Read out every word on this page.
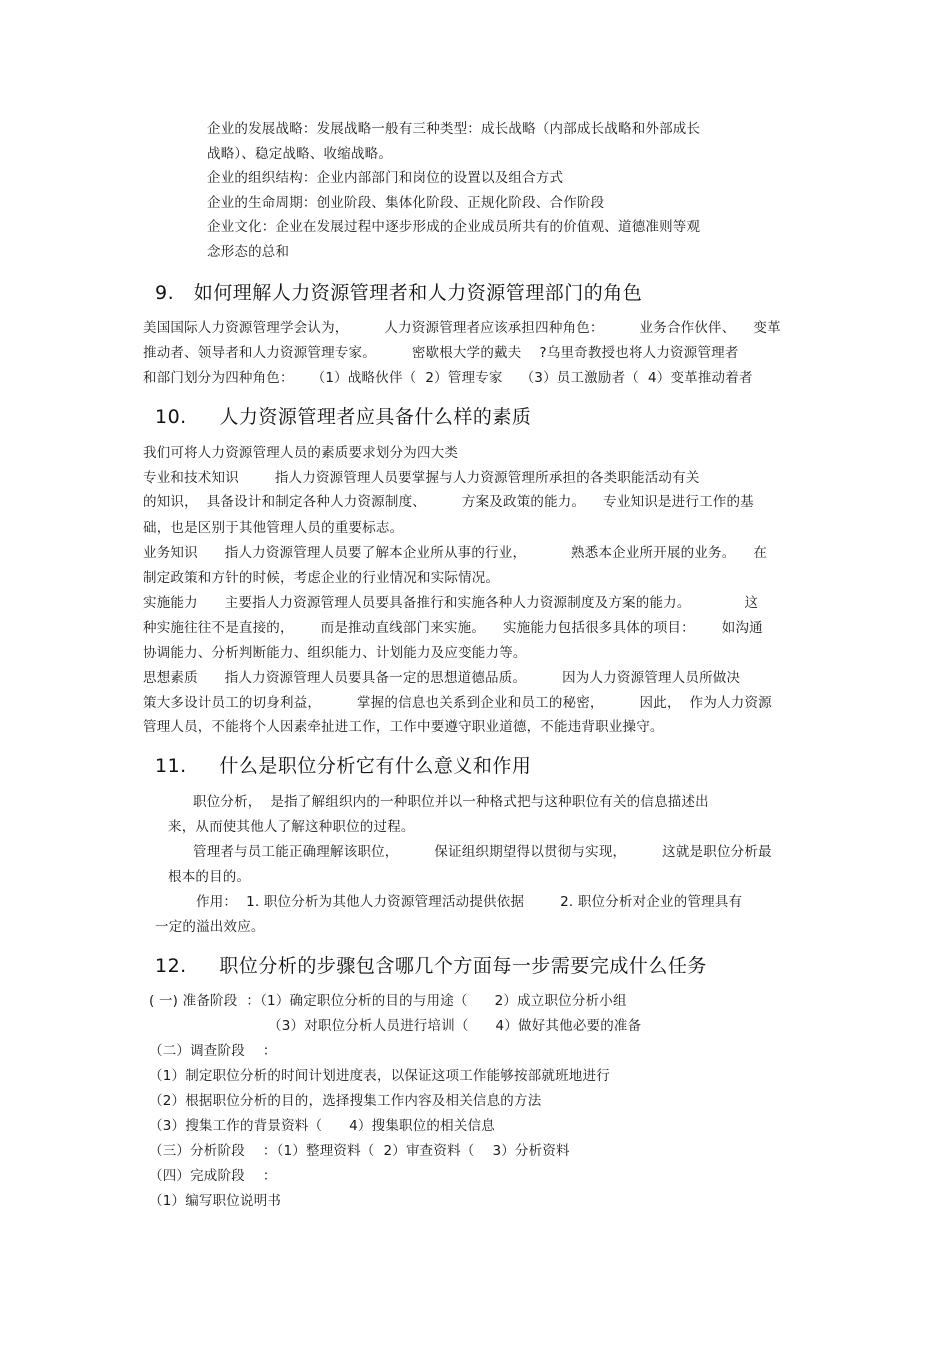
企业的发展战略：发展战略一般有三种类型：成长战略（内部成长战略和外部成长
战略）、稳定战略、收缩战略。
企业的组织结构：企业内部部门和岗位的设置以及组合方式
企业的生命周期：创业阶段、集体化阶段、正规化阶段、合作阶段
企业文化：企业在发展过程中逐步形成的企业成员所共有的价值观、道德准则等观
念形态的总和
9.   如何理解人力资源管理者和人力资源管理部门的角色
美国国际人力资源管理学会认为，        人力资源管理者应该承担四种角色：        业务合作伙伴、    变革
推动者、领导者和人力资源管理专家。        密歇根大学的戴夫    ?乌里奇教授也将人力资源管理者
和部门划分为四种角色：    （1）战略伙伴（  2）管理专家    （3）员工激励者（  4）变革推动着者
10.     人力资源管理者应具备什么样的素质
我们可将人力资源管理人员的素质要求划分为四大类
专业和技术知识        指人力资源管理人员要掌握与人力资源管理所承担的各类职能活动有关
的知识，  具备设计和制定各种人力资源制度、        方案及政策的能力。    专业知识是进行工作的基
础，也是区别于其他管理人员的重要标志。
业务知识      指人力资源管理人员要了解本企业所从事的行业，          熟悉本企业所开展的业务。    在
制定政策和方针的时候，考虑企业的行业情况和实际情况。
实施能力      主要指人力资源管理人员要具备推行和实施各种人力资源制度及方案的能力。            这
种实施往往不是直接的，      而是推动直线部门来实施。    实施能力包括很多具体的项目：      如沟通
协调能力、分析判断能力、组织能力、计划能力及应变能力等。
思想素质      指人力资源管理人员要具备一定的思想道德品质。        因为人力资源管理人员所做决
策大多设计员工的切身利益，        掌握的信息也关系到企业和员工的秘密，        因此，  作为人力资源
管理人员，不能将个人因素牵扯进工作，工作中要遵守职业道德，不能违背职业操守。
11.     什么是职位分析它有什么意义和作用
职位分析，  是指了解组织内的一种职位并以一种格式把与这种职位有关的信息描述出
来，从而使其他人了解这种职位的过程。
管理者与员工能正确理解该职位，        保证组织期望得以贯彻与实现，        这就是职位分析最
根本的目的。
作用：  1. 职位分析为其他人力资源管理活动提供依据        2. 职位分析对企业的管理具有
一定的溢出效应。
12.     职位分析的步骤包含哪几个方面每一步需要完成什么任务
( 一) 准备阶段  ：（1）确定职位分析的目的与用途（      2）成立职位分析小组
（3）对职位分析人员进行培训（      4）做好其他必要的准备
（二）调查阶段    ：
（1）制定职位分析的时间计划进度表，以保证这项工作能够按部就班地进行
（2）根据职位分析的目的，选择搜集工作内容及相关信息的方法
（3）搜集工作的背景资料（      4）搜集职位的相关信息
（三）分析阶段    ：（1）整理资料（  2）审查资料（    3）分析资料
（四）完成阶段    ：
（1）编写职位说明书
